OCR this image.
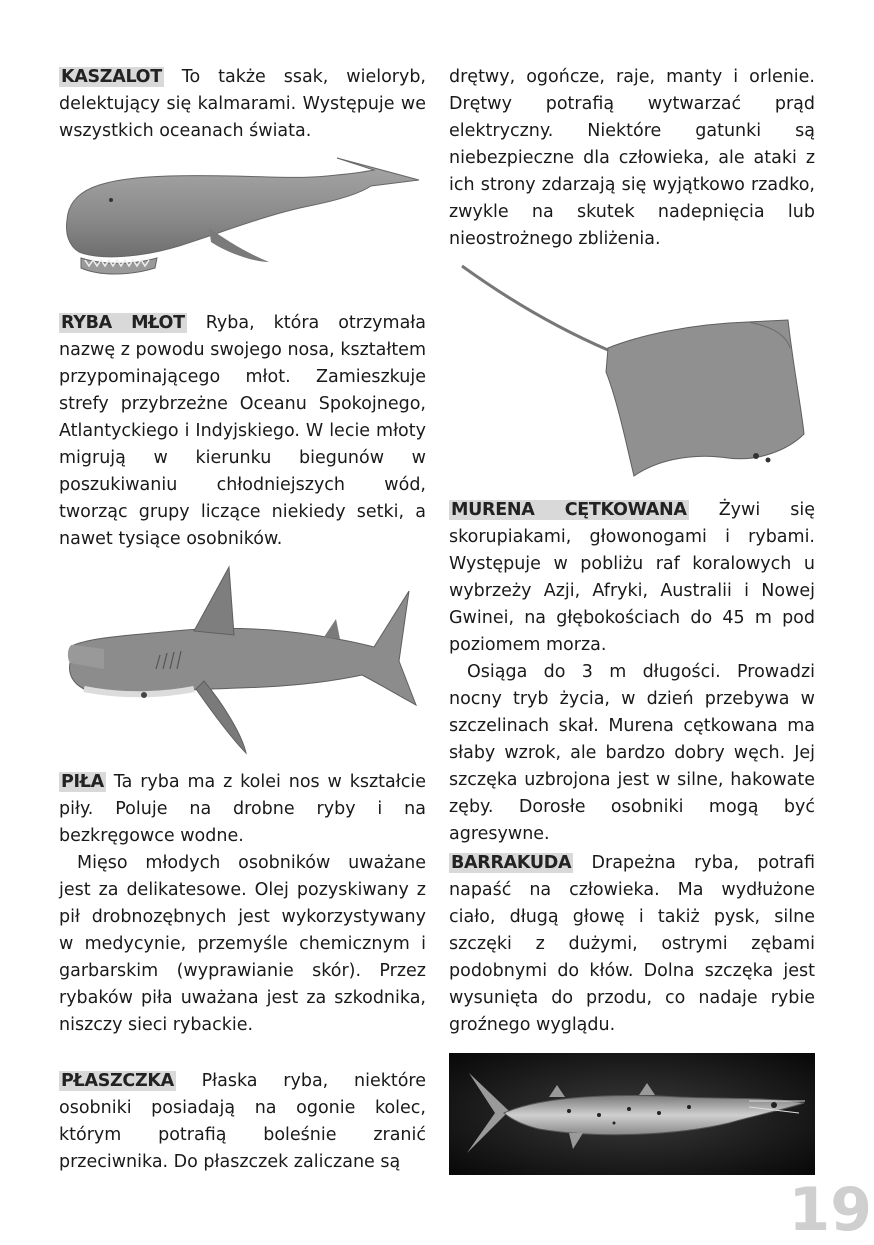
KASZALOT To także ssak, wieloryb, delektujący się kalmarami. Występuje we wszystkich oceanach świata.

RYBA MŁOT Ryba, która otrzymała nazwę z powodu swojego nosa, kształtem przypominającego młot. Zamieszkuje strefy przybrzeżne Oceanu Spokojnego, Atlantyckiego i Indyjskiego. W lecie młoty migrują w kierunku biegunów w poszukiwaniu chłodniejszych wód, tworząc grupy liczące niekiedy setki, a nawet tysiące osobników.

PIŁA Ta ryba ma z kolei nos w kształcie piły. Poluje na drobne ryby i na bezkręgowce wodne.

Mięso młodych osobników uważane jest za delikatesowe. Olej pozyskiwany z pił drobnozębnych jest wykorzystywany w medycynie, przemyśle chemicznym i garbarskim (wyprawianie skór). Przez rybaków piła uważana jest za szkodnika, niszczy sieci rybackie.

PŁASZCZKA Płaska ryba, niektóre osobniki posiadają na ogonie kolec, którym potrafią boleśnie zranić przeciwnika. Do płaszczek zaliczane są

drętwy, ogończe, raje, manty i orlenie. Drętwy potrafią wytwarzać prąd elektryczny. Niektóre gatunki są niebezpieczne dla człowieka, ale ataki z ich strony zdarzają się wyjątkowo rzadko, zwykle na skutek nadepnięcia lub nieostrożnego zbliżenia.

MURENA CĘTKOWANA Żywi się skorupiakami, głowonogami i rybami. Występuje w pobliżu raf koralowych u wybrzeży Azji, Afryki, Australii i Nowej Gwinei, na głębokościach do 45 m pod poziomem morza.

Osiąga do 3 m długości. Prowadzi nocny tryb życia, w dzień przebywa w szczelinach skał. Murena cętkowana ma słaby wzrok, ale bardzo dobry węch. Jej szczęka uzbrojona jest w silne, hakowate zęby. Dorosłe osobniki mogą być agresywne.

BARRAKUDA Drapeżna ryba, potrafi napaść na człowieka. Ma wydłużone ciało, długą głowę i takiż pysk, silne szczęki z dużymi, ostrymi zębami podobnymi do kłów. Dolna szczęka jest wysunięta do przodu, co nadaje rybie groźnego wyglądu.

19
